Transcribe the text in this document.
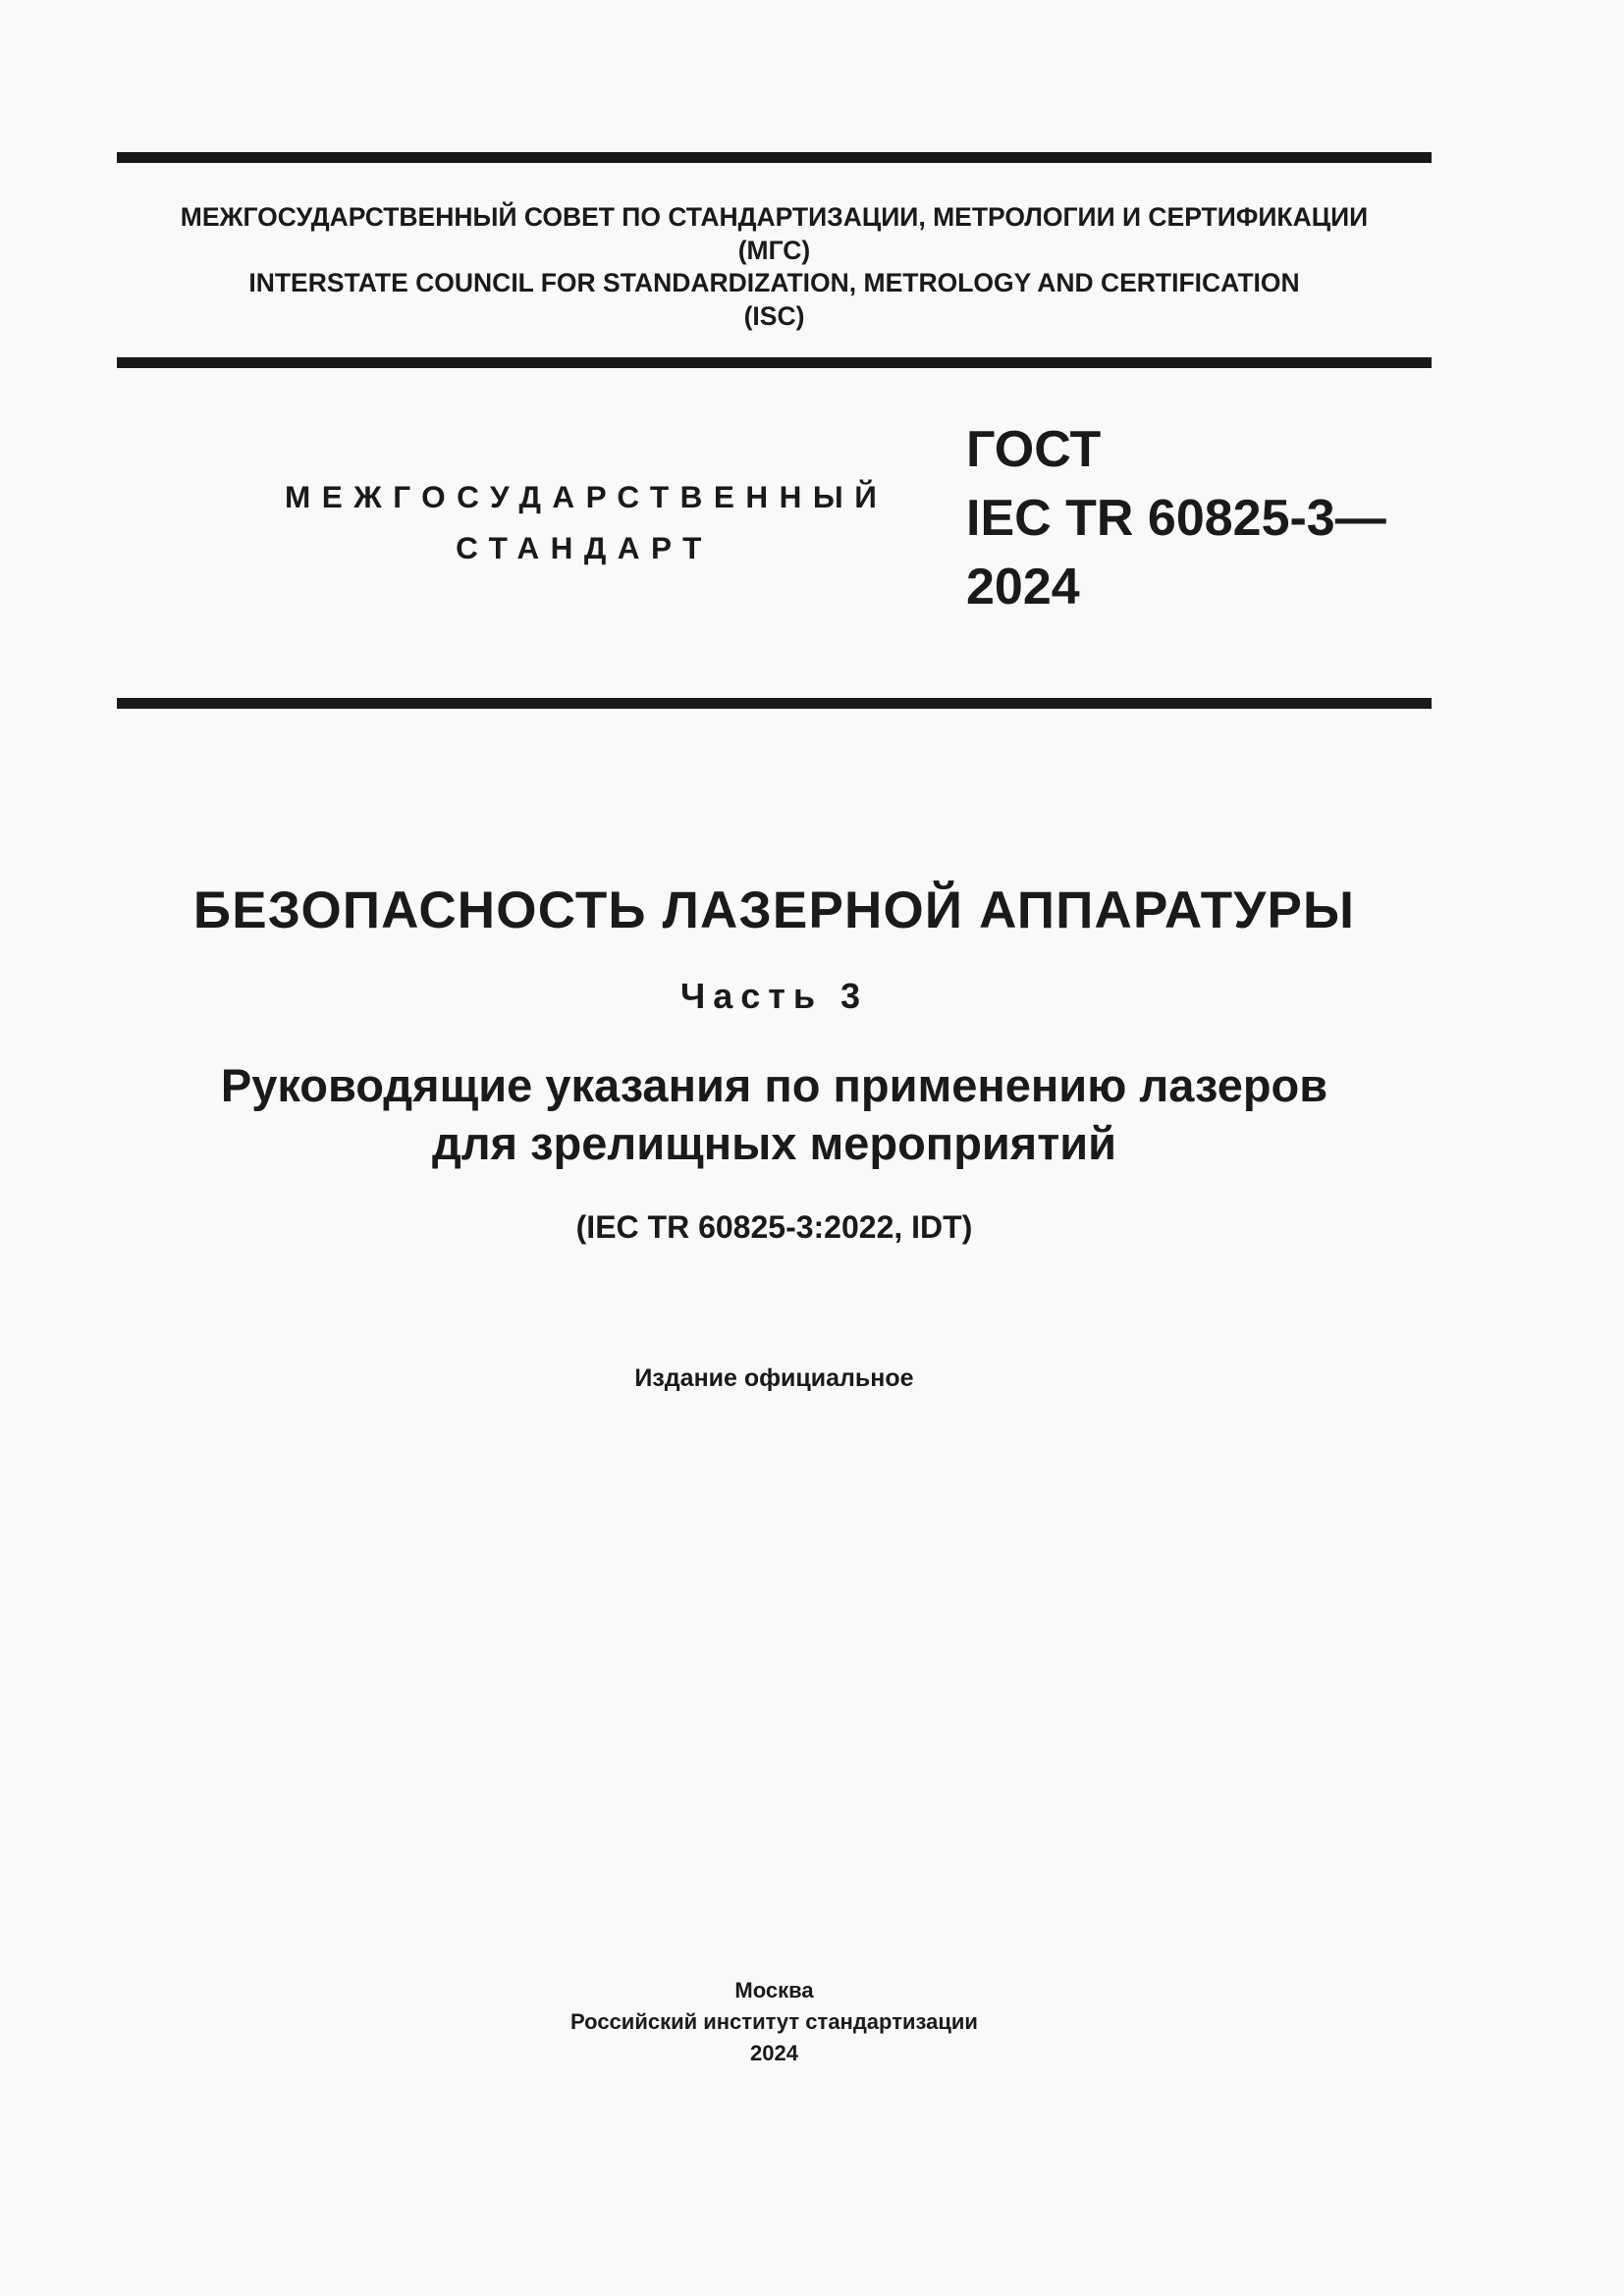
МЕЖГОСУДАРСТВЕННЫЙ СОВЕТ ПО СТАНДАРТИЗАЦИИ, МЕТРОЛОГИИ И СЕРТИФИКАЦИИ
(МГС)
INTERSTATE COUNCIL FOR STANDARDIZATION, METROLOGY AND CERTIFICATION
(ISC)
МЕЖГОСУДАРСТВЕННЫЙ
СТАНДАРТ
ГОСТ
IEC TR 60825-3—
2024
БЕЗОПАСНОСТЬ ЛАЗЕРНОЙ АППАРАТУРЫ
Часть 3
Руководящие указания по применению лазеров
для зрелищных мероприятий
(IEC TR 60825-3:2022, IDT)
Издание официальное
Москва
Российский институт стандартизации
2024
